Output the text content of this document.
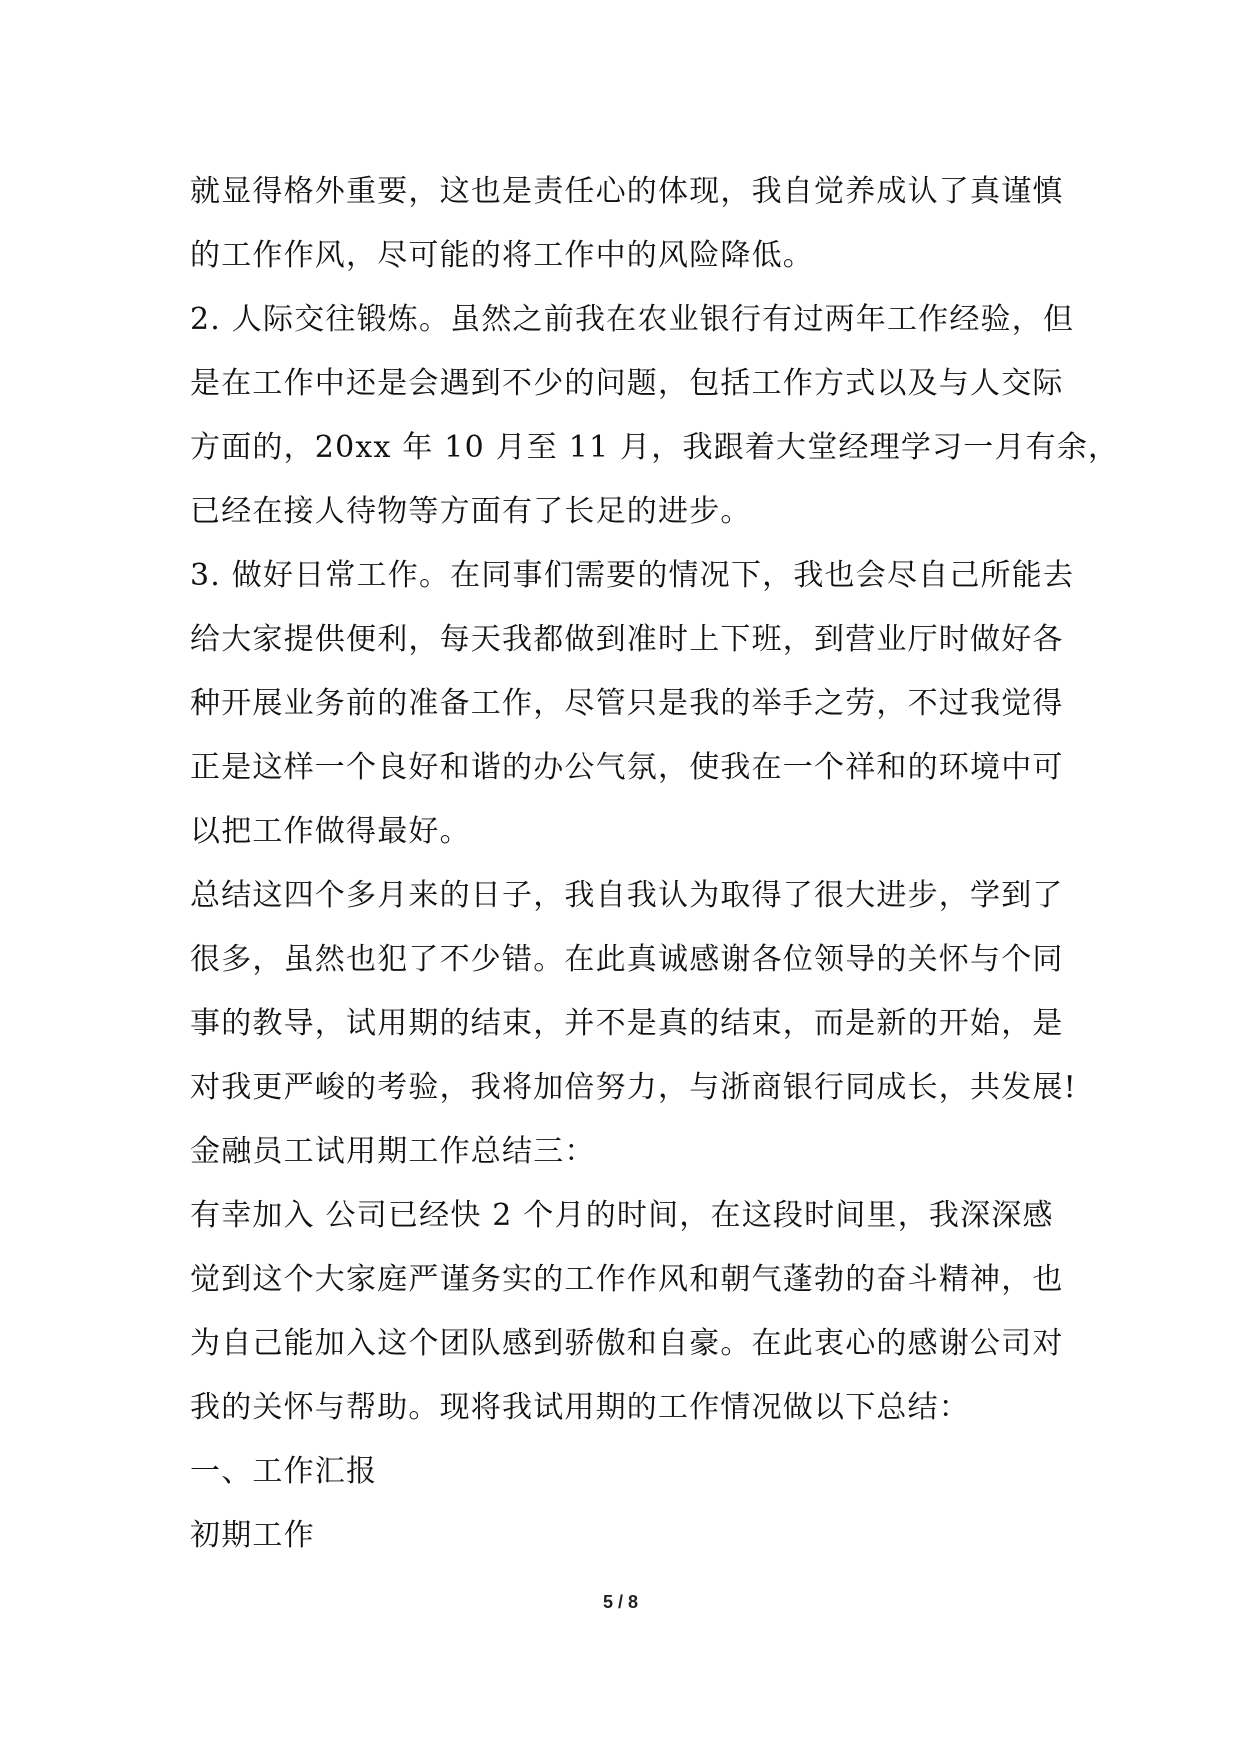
就显得格外重要，这也是责任心的体现，我自觉养成认了真谨慎
的工作作风，尽可能的将工作中的风险降低。
2. 人际交往锻炼。虽然之前我在农业银行有过两年工作经验，但
是在工作中还是会遇到不少的问题，包括工作方式以及与人交际
方面的，20xx 年 10 月至 11 月，我跟着大堂经理学习一月有余，
已经在接人待物等方面有了长足的进步。
3. 做好日常工作。在同事们需要的情况下，我也会尽自己所能去
给大家提供便利，每天我都做到准时上下班，到营业厅时做好各
种开展业务前的准备工作，尽管只是我的举手之劳，不过我觉得
正是这样一个良好和谐的办公气氛，使我在一个祥和的环境中可
以把工作做得最好。
总结这四个多月来的日子，我自我认为取得了很大进步，学到了
很多，虽然也犯了不少错。在此真诚感谢各位领导的关怀与个同
事的教导，试用期的结束，并不是真的结束，而是新的开始，是
对我更严峻的考验，我将加倍努力，与浙商银行同成长，共发展!
金融员工试用期工作总结三：
有幸加入 公司已经快 2 个月的时间，在这段时间里，我深深感
觉到这个大家庭严谨务实的工作作风和朝气蓬勃的奋斗精神，也
为自己能加入这个团队感到骄傲和自豪。在此衷心的感谢公司对
我的关怀与帮助。现将我试用期的工作情况做以下总结：
一、工作汇报
初期工作
5 / 8
